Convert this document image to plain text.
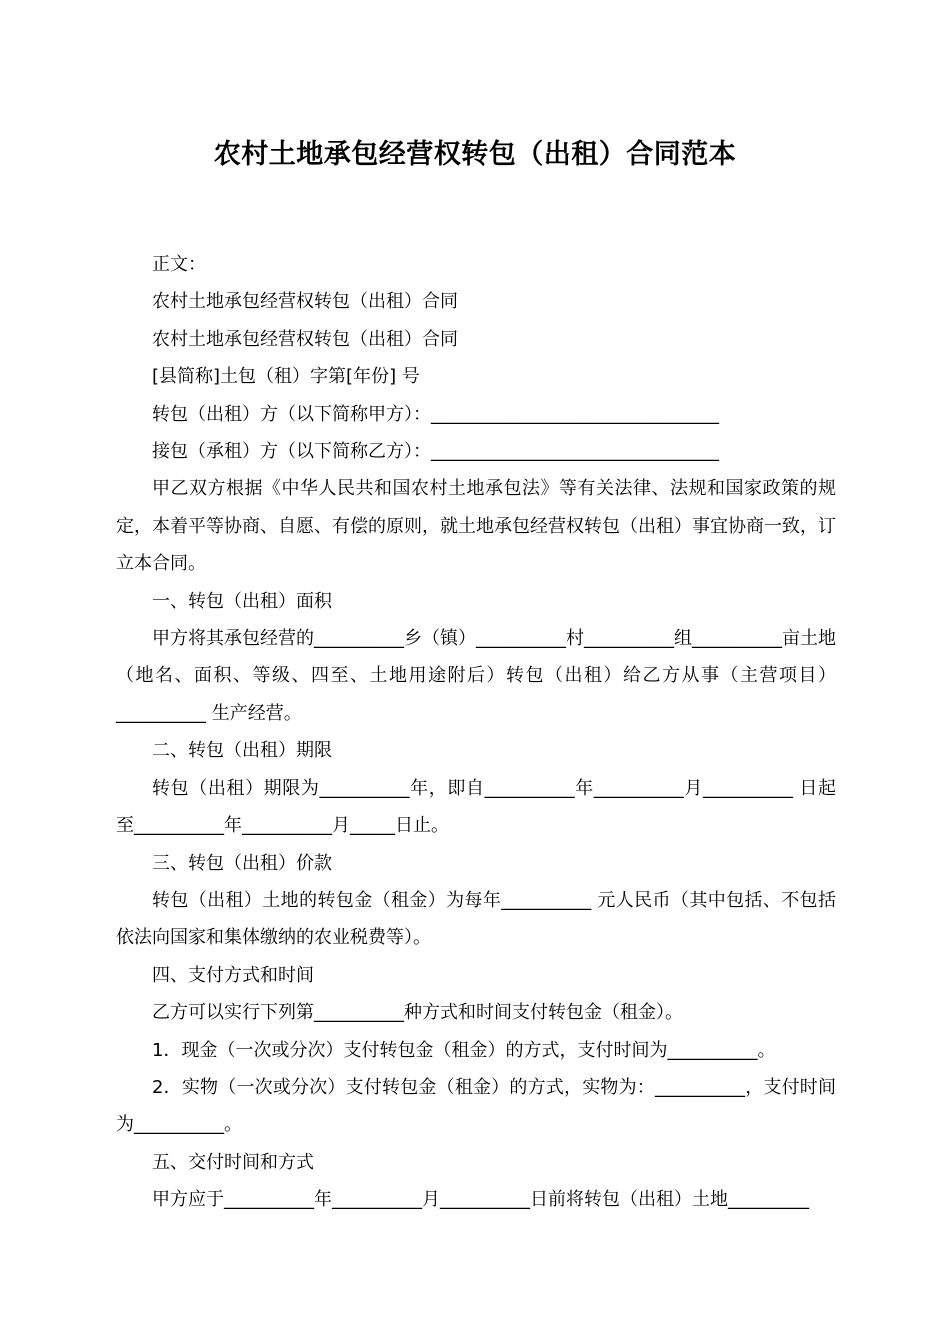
农村土地承包经营权转包（出租）合同范本

正文：

农村土地承包经营权转包（出租）合同

农村土地承包经营权转包（出租）合同

[县简称]土包（租）字第[年份] 号

转包（出租）方（以下简称甲方）：________________________________

接包（承租）方（以下简称乙方）：________________________________

甲乙双方根据《中华人民共和国农村土地承包法》等有关法律、法规和国家政策的规定，本着平等协商、自愿、有偿的原则，就土地承包经营权转包（出租）事宜协商一致，订立本合同。

一、转包（出租）面积

甲方将其承包经营的__________乡（镇）__________村__________组__________亩土地（地名、面积、等级、四至、土地用途附后）转包（出租）给乙方从事（主营项目）__________ 生产经营。

二、转包（出租）期限

转包（出租）期限为__________年，即自__________年__________月__________ 日起至__________年__________月_____日止。

三、转包（出租）价款

转包（出租）土地的转包金（租金）为每年__________ 元人民币（其中包括、不包括依法向国家和集体缴纳的农业税费等）。

四、支付方式和时间

乙方可以实行下列第__________种方式和时间支付转包金（租金）。

1．现金（一次或分次）支付转包金（租金）的方式，支付时间为__________。

2．实物（一次或分次）支付转包金（租金）的方式，实物为：__________，支付时间为__________。

五、交付时间和方式

甲方应于__________年__________月__________日前将转包（出租）土地_________
